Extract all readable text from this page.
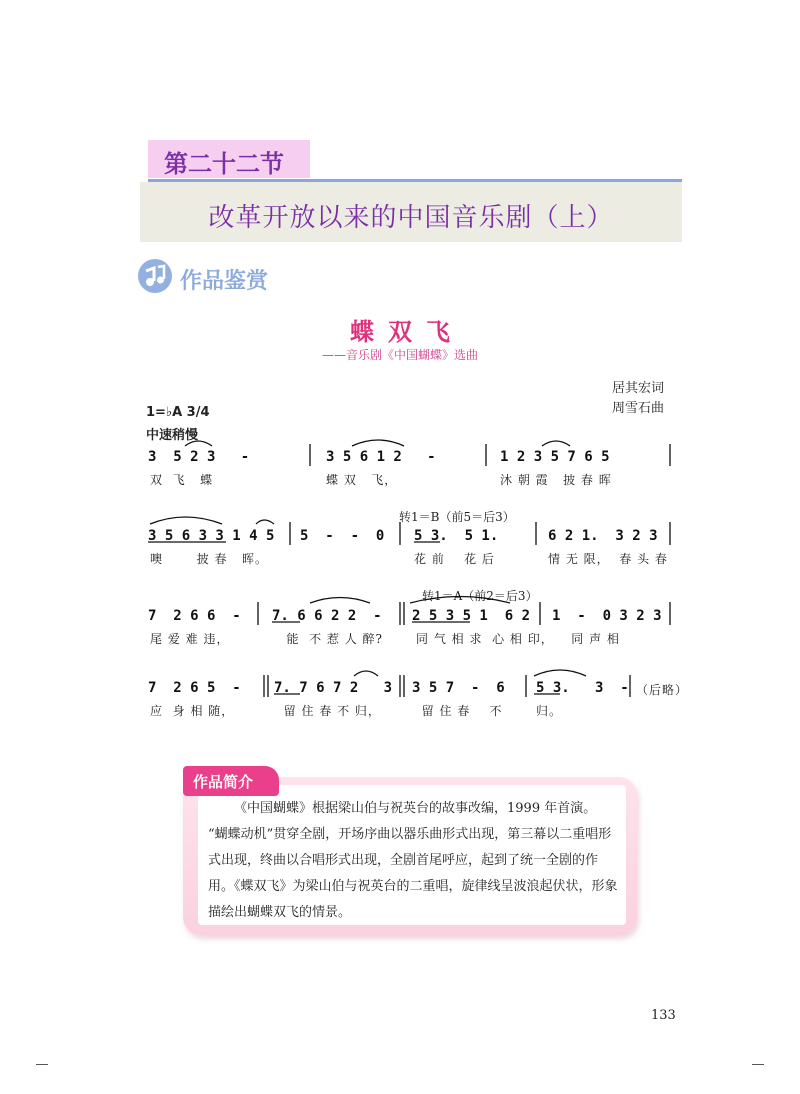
第二十二节
改革开放以来的中国音乐剧（上）
作品鉴赏
蝶双飞
——音乐剧《中国蝴蝶》选曲
居其宏词
周雪石曲
1=♭A 3/4
中速稍慢
转1＝B（前5＝后3）
转1＝A（前2＝后3）
3  5 2 3   -	3 5 6 1 2   -	1 2 3 5 7 6 5
双  飞   蝶	蝶 双   飞，	沐 朝 霞   披 春 晖
3 5 6 3 3 1 4 5 5  -  -  0 5 3.  5 1.	6 2 1.  3 2 3
噢       披 春   晖。	花 前    花 后	情 无 限，  春 头 春
7  2 6 6  - 7. 6 6 2 2  - 2 5 3 5 1  6 2 1  -  0 3 2 3
尾 爱 难 违，	能  不 惹 人 醉?	同 气 相 求  心 相 印，
同 声 相
7  2 6 5  - 7. 7 6 7 2   3 3 5 7  -  6 5 3.   3  - （后略）
应  身 相 随，	留 住 春 不 归，	留 住 春    不	归。
作品简介

《中国蝴蝶》根据梁山伯与祝英台的故事改编，1999 年首演。

“蝴蝶动机”贯穿全剧，开场序曲以器乐曲形式出现，第三幕以二重唱形式出现，终曲以合唱形式出现，全剧首尾呼应，起到了统一全剧的作用。《蝶双飞》为梁山伯与祝英台的二重唱，旋律线呈波浪起伏状，形象描绘出蝴蝶双飞的情景。

133
